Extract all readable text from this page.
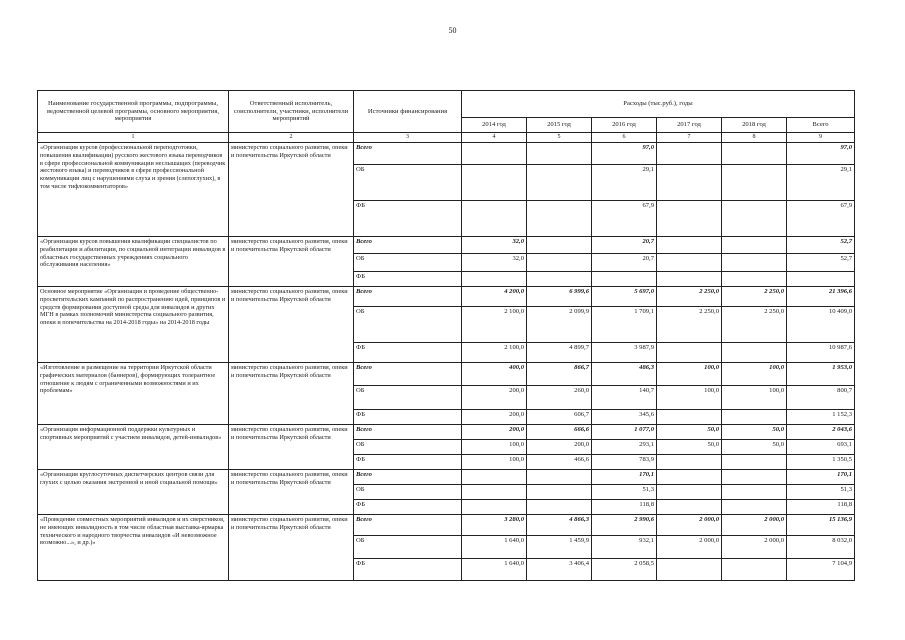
50
Наименование государственной программы, подпрограммы, ведомственной целевой программы, основного мероприятия, мероприятия	Ответственный исполнитель, соисполнители, участники, исполнители мероприятий	Источники финансирования	Расходы (тыс.руб.), годы					
			2014 год	2015 год	2016 год	2017 год	2018 год	Всего
1	2	3	4	5	6	7	8	9
«Организация курсов (профессиональной переподготовки, повышения квалификации) русского жестового языка переводчиков в сфере профессиональной коммуникации неслышащих (переводчик жестового языка) и переводчиков в сфере профессиональной коммуникации лиц с нарушениями слуха и зрения (слепоглухих), в том числе тифлокомментаторов»	министерство социального развития, опеки и попечительства Иркутской области	Всего			97,0			97,0
		ОБ			29,1			29,1
		ФБ			67,9			67,9
«Организация курсов повышения квалификации специалистов по реабилитации и абилитации, по социальной интеграции инвалидов в областных государственных учреждениях социального обслуживания населения»	министерство социального развития, опеки и попечительства Иркутской области	Всего	32,0		20,7			52,7
		ОБ	32,0		20,7			52,7
		ФБ						
Основное мероприятие «Организация и проведение общественно-просветительских кампаний по распространению идей, принципов и средств формирования доступной среды для инвалидов и других МГН в рамках полномочий министерства социального развития, опеки и попечительства на 2014-2018 годы» на 2014-2018 годы	министерство социального развития, опеки и попечительства Иркутской области	Всего	4 200,0	6 999,6	5 697,0	2 250,0	2 250,0	21 396,6
		ОБ	2 100,0	2 099,9	1 709,1	2 250,0	2 250,0	10 409,0
		ФБ	2 100,0	4 899,7	3 987,9			10 987,6
«Изготовление и размещение на территории Иркутской области графических материалов (баннеров), формирующих толерантное отношение к людям с ограниченными возможностями и их проблемам»	министерство социального развития, опеки и попечительства Иркутской области	Всего	400,0	866,7	486,3	100,0	100,0	1 953,0
		ОБ	200,0	260,0	140,7	100,0	100,0	800,7
		ФБ	200,0	606,7	345,6			1 152,3
«Организация информационной поддержки культурных и спортивных мероприятий с участием инвалидов, детей-инвалидов»	министерство социального развития, опеки и попечительства Иркутской области	Всего	200,0	666,6	1 077,0	50,0	50,0	2 043,6
		ОБ	100,0	200,0	293,1	50,0	50,0	693,1
		ФБ	100,0	466,6	783,9			1 350,5
«Организация круглосуточных диспетчерских центров связи для глухих с целью оказания экстренной и иной социальной помощи»	министерство социального развития, опеки и попечительства Иркутской области	Всего			170,1			170,1
		ОБ			51,3			51,3
		ФБ			118,8			118,8
«Проведение совместных мероприятий инвалидов и их сверстников, не имеющих инвалидность в том числе областная выставка-ярмарка технического и народного творчества инвалидов «И невозможное возможно...», и др.)»	министерство социального развития, опеки и попечительства Иркутской области	Всего	3 280,0	4 866,3	2 990,6	2 000,0	2 000,0	15 136,9
		ОБ	1 640,0	1 459,9	932,1	2 000,0	2 000,0	8 032,0
		ФБ	1 640,0	3 406,4	2 058,5			7 104,9
